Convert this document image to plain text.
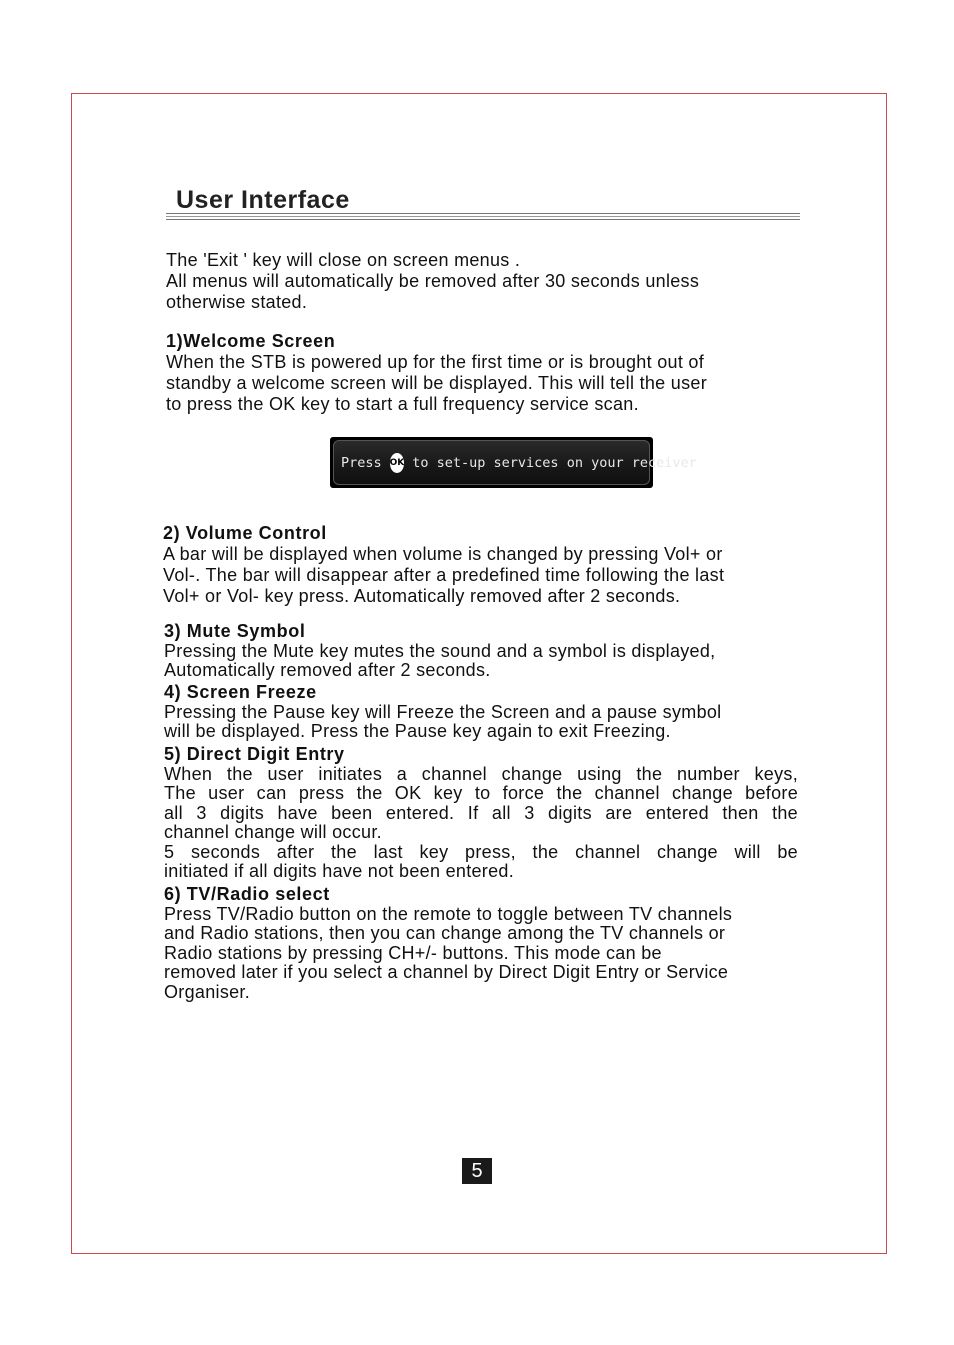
User Interface

The 'Exit ' key will close on screen menus .

All menus will automatically be removed after 30 seconds unless

otherwise stated.

1)Welcome Screen

When the STB is powered up for the first time or is brought out of

standby a welcome screen will be displayed. This will tell the user

to press the OK key to start a full frequency service scan.

Press OK to set-up services on your receiver

2) Volume Control

A bar will be displayed when volume is changed by pressing Vol+ or

Vol-. The bar will disappear after a predefined time following the last

Vol+ or Vol- key press. Automatically removed after 2 seconds.

3) Mute Symbol

Pressing the Mute key mutes the sound and a symbol is displayed,

Automatically removed after 2 seconds.

4) Screen Freeze

Pressing the Pause key will Freeze the Screen and a pause symbol

will be displayed. Press the Pause key again to exit Freezing.

5) Direct Digit Entry

When the user initiates a channel change using the number keys,

The user can press the OK key to force the channel change before

all 3 digits have been entered. If all 3 digits are entered then the

channel change will occur.

5 seconds after the last key press, the channel change will be

initiated if all digits have not been entered.

6) TV/Radio select

Press TV/Radio button on the remote to toggle between TV channels

and Radio stations, then you can change among the TV channels or

Radio stations by pressing CH+/- buttons. This mode can be

removed later if you select a channel by Direct Digit Entry or Service

Organiser.

5
